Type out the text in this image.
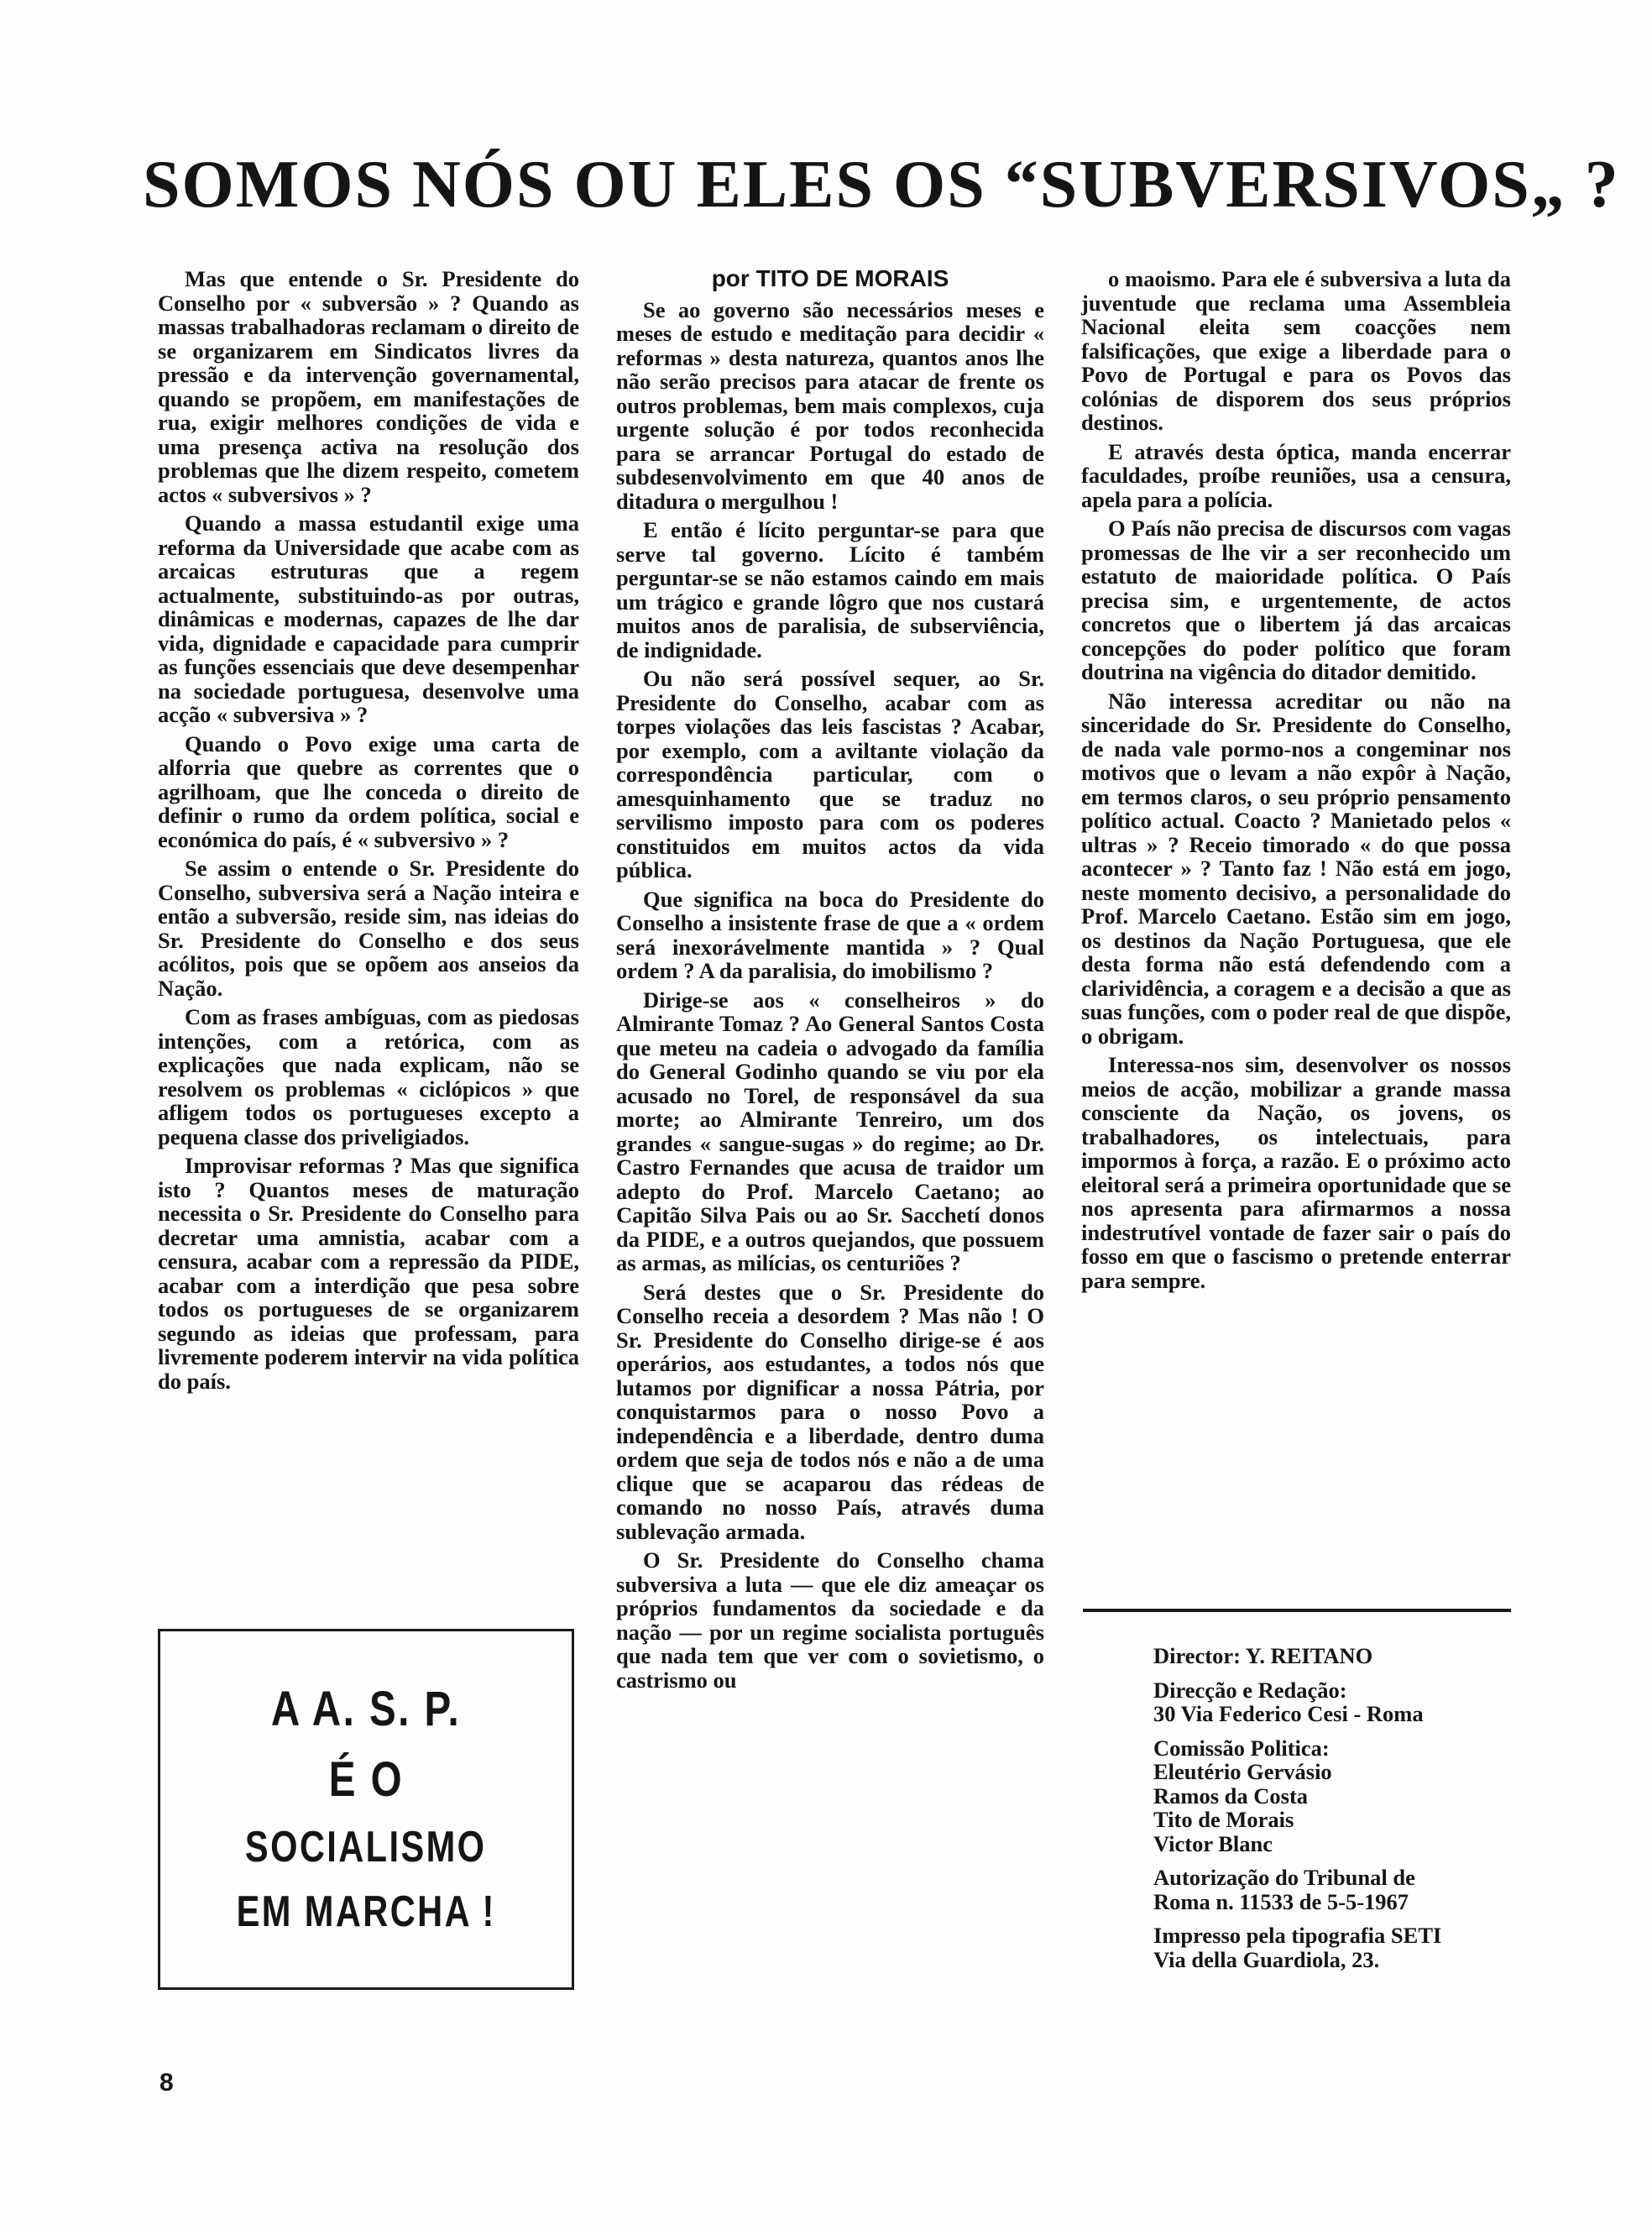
SOMOS NÓS OU ELES OS “SUBVERSIVOS„ ?

Mas que entende o Sr. Presidente do Conselho por « subversão » ? Quando as massas trabalhadoras reclamam o direito de se organizarem em Sindicatos livres da pressão e da intervenção governamental, quando se propõem, em manifestações de rua, exigir melhores condições de vida e uma presença activa na resolução dos problemas que lhe dizem respeito, cometem actos « subversivos » ?

Quando a massa estudantil exige uma reforma da Universidade que acabe com as arcaicas estruturas que a regem actualmente, substituindo-as por outras, dinâmicas e modernas, capazes de lhe dar vida, dignidade e capacidade para cumprir as funções essenciais que deve desempenhar na sociedade portuguesa, desenvolve uma acção « subversiva » ?

Quando o Povo exige uma carta de alforria que quebre as correntes que o agrilhoam, que lhe conceda o direito de definir o rumo da ordem política, social e económica do país, é « subversivo » ?

Se assim o entende o Sr. Presidente do Conselho, subversiva será a Nação inteira e então a subversão, reside sim, nas ideias do Sr. Presidente do Conselho e dos seus acólitos, pois que se opõem aos anseios da Nação.

Com as frases ambíguas, com as piedosas intenções, com a retórica, com as explicações que nada explicam, não se resolvem os problemas « ciclópicos » que afligem todos os portugueses excepto a pequena classe dos priveligiados.

Improvisar reformas ? Mas que significa isto ? Quantos meses de maturação necessita o Sr. Presidente do Conselho para decretar uma amnistia, acabar com a censura, acabar com a repressão da PIDE, acabar com a interdição que pesa sobre todos os portugueses de se organizarem segundo as ideias que professam, para livremente poderem intervir na vida política do país.

por TITO DE MORAIS

Se ao governo são necessários meses e meses de estudo e meditação para decidir « reformas » desta natureza, quantos anos lhe não serão precisos para atacar de frente os outros problemas, bem mais complexos, cuja urgente solução é por todos reconhecida para se arrancar Portugal do estado de subdesenvolvimento em que 40 anos de ditadura o mergulhou !

E então é lícito perguntar-se para que serve tal governo. Lícito é também perguntar-se se não estamos caindo em mais um trágico e grande lôgro que nos custará muitos anos de paralisia, de subserviência, de indignidade.

Ou não será possível sequer, ao Sr. Presidente do Conselho, acabar com as torpes violações das leis fascistas ? Acabar, por exemplo, com a aviltante violação da correspondência particular, com o amesquinhamento que se traduz no servilismo imposto para com os poderes constituidos em muitos actos da vida pública.

Que significa na boca do Presidente do Conselho a insistente frase de que a « ordem será inexorávelmente mantida » ? Qual ordem ? A da paralisia, do imobilismo ?

Dirige-se aos « conselheiros » do Almirante Tomaz ? Ao General Santos Costa que meteu na cadeia o advogado da família do General Godinho quando se viu por ela acusado no Torel, de responsável da sua morte; ao Almirante Tenreiro, um dos grandes « sangue-sugas » do regime; ao Dr. Castro Fernandes que acusa de traidor um adepto do Prof. Marcelo Caetano; ao Capitão Silva Pais ou ao Sr. Sacchetí donos da PIDE, e a outros quejandos, que possuem as armas, as milícias, os centuriões ?

Será destes que o Sr. Presidente do Conselho receia a desordem ? Mas não ! O Sr. Presidente do Conselho dirige-se é aos operários, aos estudantes, a todos nós que lutamos por dignificar a nossa Pátria, por conquistarmos para o nosso Povo a independência e a liberdade, dentro duma ordem que seja de todos nós e não a de uma clique que se acaparou das rédeas de comando no nosso País, através duma sublevação armada.

O Sr. Presidente do Conselho chama subversiva a luta — que ele diz ameaçar os próprios fundamentos da sociedade e da nação — por un regime socialista português que nada tem que ver com o sovietismo, o castrismo ou

o maoismo. Para ele é subversiva a luta da juventude que reclama uma Assembleia Nacional eleita sem coacções nem falsificações, que exige a liberdade para o Povo de Portugal e para os Povos das colónias de disporem dos seus próprios destinos.

E através desta óptica, manda encerrar faculdades, proíbe reuniões, usa a censura, apela para a polícia.

O País não precisa de discursos com vagas promessas de lhe vir a ser reconhecido um estatuto de maioridade política. O País precisa sim, e urgentemente, de actos concretos que o libertem já das arcaicas concepções do poder político que foram doutrina na vigência do ditador demitido.

Não interessa acreditar ou não na sinceridade do Sr. Presidente do Conselho, de nada vale pormo-nos a congeminar nos motivos que o levam a não expôr à Nação, em termos claros, o seu próprio pensamento político actual. Coacto ? Manietado pelos « ultras » ? Receio timorado « do que possa acontecer » ? Tanto faz ! Não está em jogo, neste momento decisivo, a personalidade do Prof. Marcelo Caetano. Estão sim em jogo, os destinos da Nação Portuguesa, que ele desta forma não está defendendo com a clarividência, a coragem e a decisão a que as suas funções, com o poder real de que dispõe, o obrigam.

Interessa-nos sim, desenvolver os nossos meios de acção, mobilizar a grande massa consciente da Nação, os jovens, os trabalhadores, os intelectuais, para impormos à força, a razão. E o próximo acto eleitoral será a primeira oportunidade que se nos apresenta para afirmarmos a nossa indestrutível vontade de fazer sair o país do fosso em que o fascismo o pretende enterrar para sempre.

A A. S. P.
É O
SOCIALISMO
EM MARCHA !
Director: Y. REITANO
Direcção e Redação:
30 Via Federico Cesi - Roma
Comissão Politica:
Eleutério Gervásio
Ramos da Costa
Tito de Morais
Victor Blanc
Autorização do Tribunal de
Roma n. 11533 de 5-5-1967
Impresso pela tipografia SETI
Via della Guardiola, 23.
8
